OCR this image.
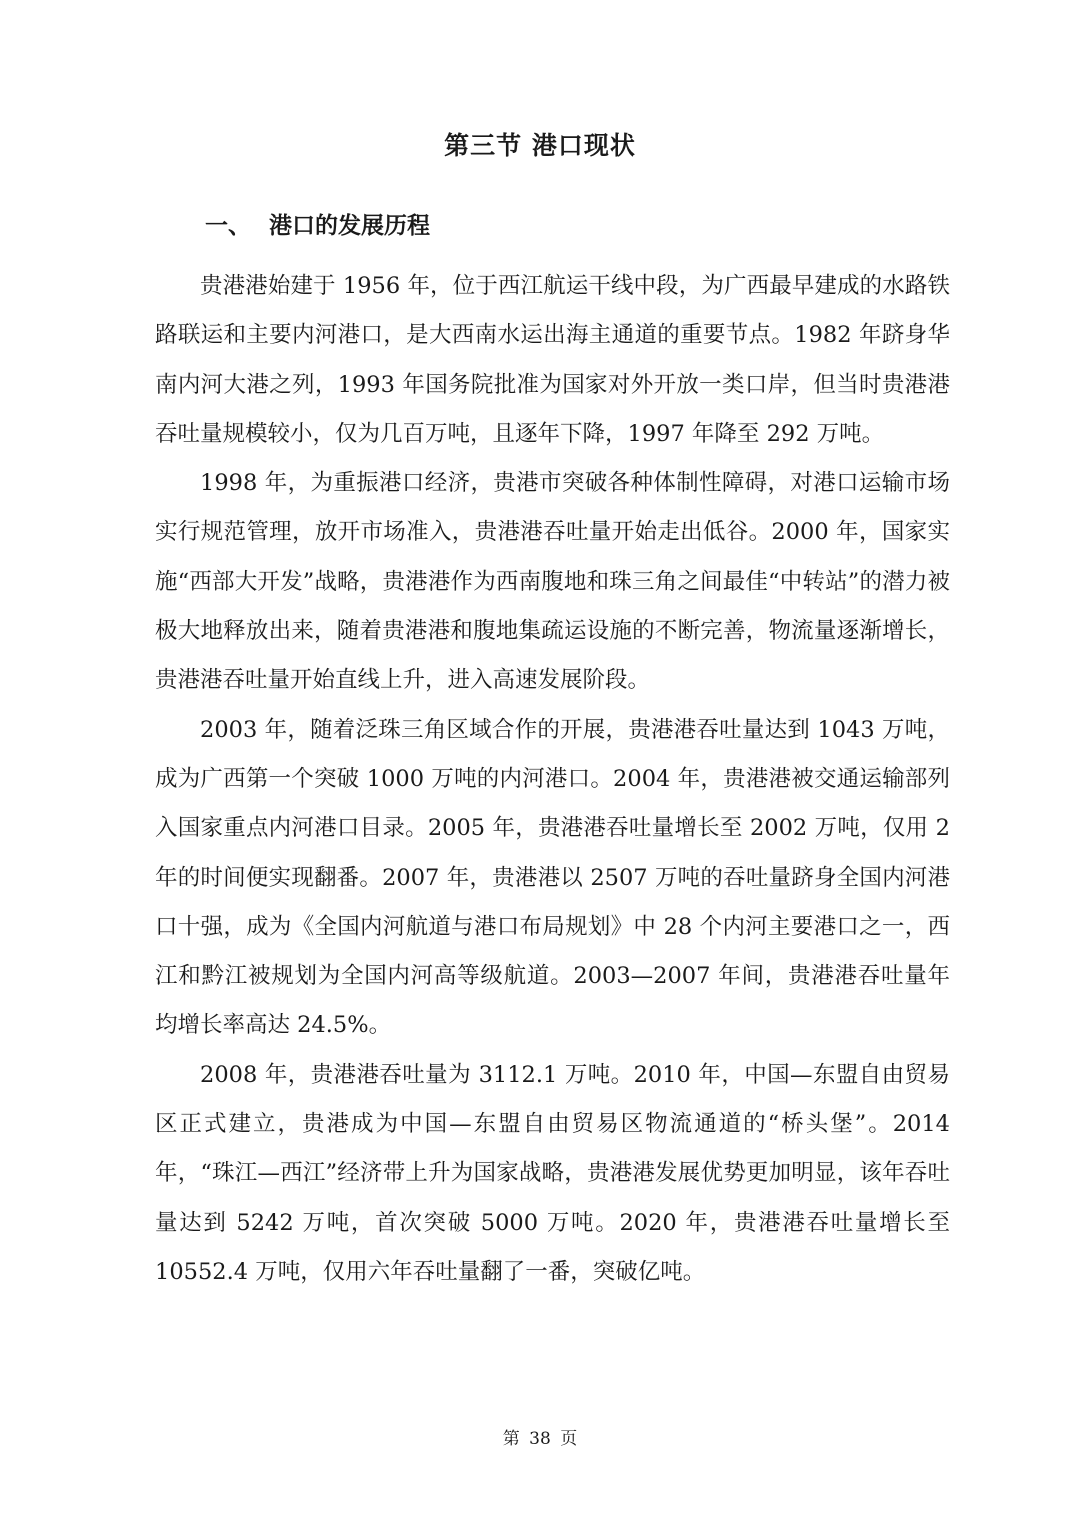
第三节 港口现状
一、 港口的发展历程

贵港港始建于 1956 年，位于西江航运干线中段，为广西最早建成的水路铁路联运和主要内河港口，是大西南水运出海主通道的重要节点。1982 年跻身华南内河大港之列，1993 年国务院批准为国家对外开放一类口岸，但当时贵港港吞吐量规模较小，仅为几百万吨，且逐年下降，1997 年降至 292 万吨。

1998 年，为重振港口经济，贵港市突破各种体制性障碍，对港口运输市场实行规范管理，放开市场准入，贵港港吞吐量开始走出低谷。2000 年，国家实施“西部大开发”战略，贵港港作为西南腹地和珠三角之间最佳“中转站”的潜力被极大地释放出来，随着贵港港和腹地集疏运设施的不断完善，物流量逐渐增长，贵港港吞吐量开始直线上升，进入高速发展阶段。

2003 年，随着泛珠三角区域合作的开展，贵港港吞吐量达到 1043 万吨，成为广西第一个突破 1000 万吨的内河港口。2004 年，贵港港被交通运输部列入国家重点内河港口目录。2005 年，贵港港吞吐量增长至 2002 万吨，仅用 2 年的时间便实现翻番。2007 年，贵港港以 2507 万吨的吞吐量跻身全国内河港口十强，成为《全国内河航道与港口布局规划》中 28 个内河主要港口之一，西江和黔江被规划为全国内河高等级航道。2003—2007 年间，贵港港吞吐量年均增长率高达 24.5%。

2008 年，贵港港吞吐量为 3112.1 万吨。2010 年，中国—东盟自由贸易区正式建立，贵港成为中国—东盟自由贸易区物流通道的“桥头堡”。2014 年，“珠江—西江”经济带上升为国家战略，贵港港发展优势更加明显，该年吞吐量达到 5242 万吨，首次突破 5000 万吨。2020 年，贵港港吞吐量增长至 10552.4 万吨，仅用六年吞吐量翻了一番，突破亿吨。

第 38 页
